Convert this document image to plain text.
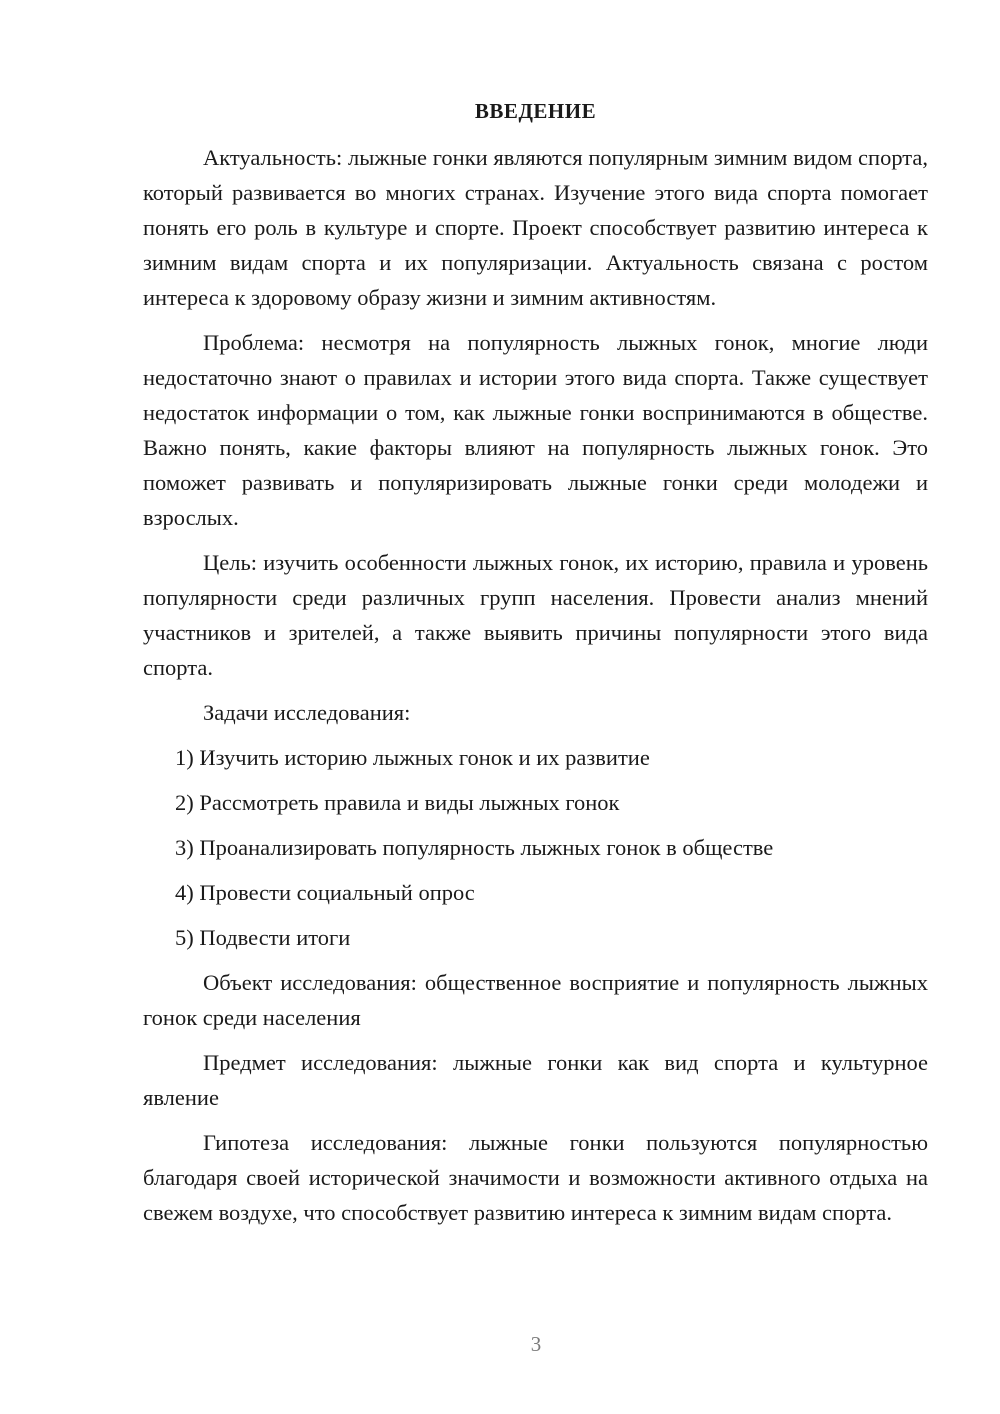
ВВЕДЕНИЕ

Актуальность: лыжные гонки являются популярным зимним видом спорта, который развивается во многих странах. Изучение этого вида спорта помогает понять его роль в культуре и спорте. Проект способствует развитию интереса к зимним видам спорта и их популяризации. Актуальность связана с ростом интереса к здоровому образу жизни и зимним активностям.

Проблема: несмотря на популярность лыжных гонок, многие люди недостаточно знают о правилах и истории этого вида спорта. Также существует недостаток информации о том, как лыжные гонки воспринимаются в обществе. Важно понять, какие факторы влияют на популярность лыжных гонок. Это поможет развивать и популяризировать лыжные гонки среди молодежи и взрослых.

Цель: изучить особенности лыжных гонок, их историю, правила и уровень популярности среди различных групп населения. Провести анализ мнений участников и зрителей, а также выявить причины популярности этого вида спорта.

Задачи исследования:

1) Изучить историю лыжных гонок и их развитие
2) Рассмотреть правила и виды лыжных гонок
3) Проанализировать популярность лыжных гонок в обществе
4) Провести социальный опрос
5) Подвести итоги

Объект исследования: общественное восприятие и популярность лыжных гонок среди населения

Предмет исследования: лыжные гонки как вид спорта и культурное явление

Гипотеза исследования: лыжные гонки пользуются популярностью благодаря своей исторической значимости и возможности активного отдыха на свежем воздухе, что способствует развитию интереса к зимним видам спорта.

3
